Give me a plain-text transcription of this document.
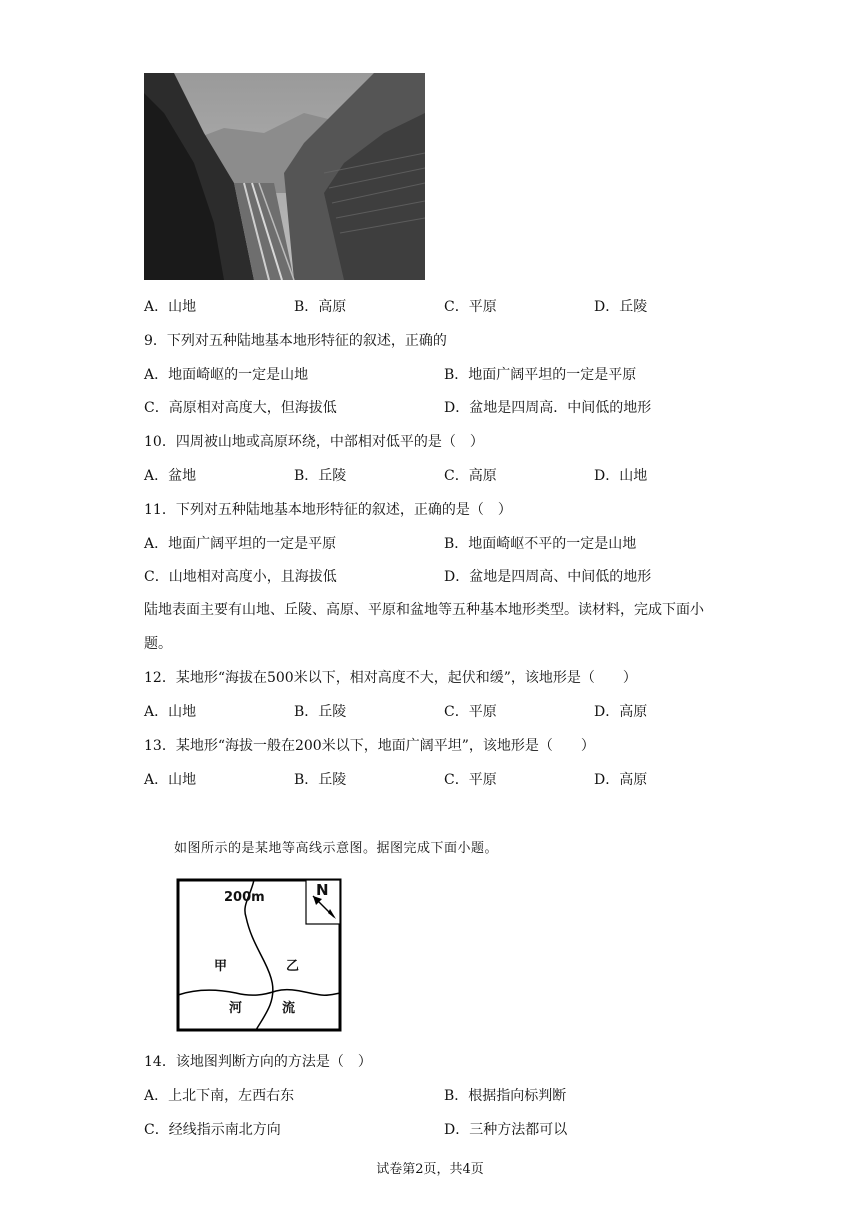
A．山地	B．高原	C．平原	D．丘陵
9．下列对五种陆地基本地形特征的叙述，正确的
A．地面崎岖的一定是山地	B．地面广阔平坦的一定是平原
C．高原相对高度大，但海拔低	D．盆地是四周高．中间低的地形
10．四周被山地或高原环绕，中部相对低平的是（　）
A．盆地	B．丘陵	C．高原	D．山地
11．下列对五种陆地基本地形特征的叙述，正确的是（　）
A．地面广阔平坦的一定是平原	B．地面崎岖不平的一定是山地
C．山地相对高度小，且海拔低	D．盆地是四周高、中间低的地形
陆地表面主要有山地、丘陵、高原、平原和盆地等五种基本地形类型。读材料，完成下面小题。
12．某地形“海拔在500米以下，相对高度不大，起伏和缓”，该地形是（　　）
A．山地	B．丘陵	C．平原	D．高原
13．某地形“海拔一般在200米以下，地面广阔平坦”，该地形是（　　）
A．山地	B．丘陵	C．平原	D．高原
如图所示的是某地等高线示意图。据图完成下面小题。
200m	N
甲	乙
河	流
14．该地图判断方向的方法是（　）
A．上北下南，左西右东	B．根据指向标判断
C．经线指示南北方向	D．三种方法都可以
试卷第2页，共4页
